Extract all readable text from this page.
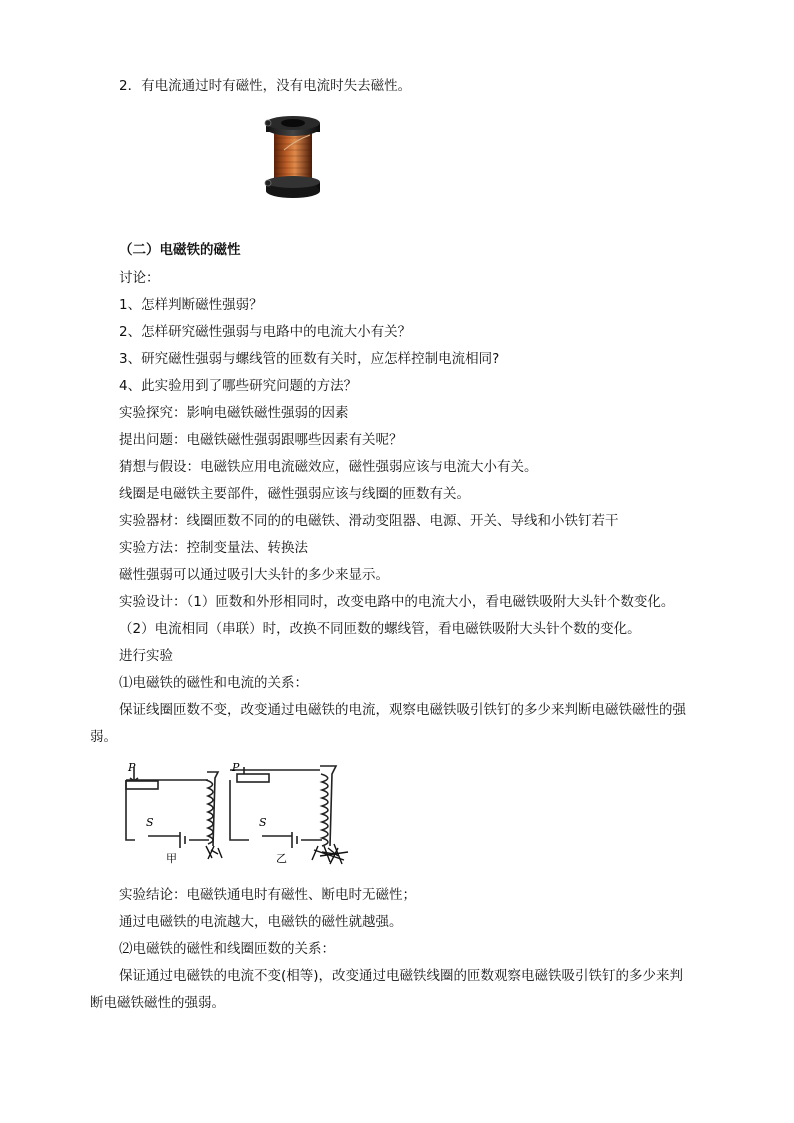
2．有电流通过时有磁性，没有电流时失去磁性。
（二）电磁铁的磁性
讨论：
1、怎样判断磁性强弱？
2、怎样研究磁性强弱与电路中的电流大小有关？
3、研究磁性强弱与螺线管的匝数有关时，应怎样控制电流相同?
4、此实验用到了哪些研究问题的方法？
实验探究：影响电磁铁磁性强弱的因素
提出问题：电磁铁磁性强弱跟哪些因素有关呢？
猜想与假设：电磁铁应用电流磁效应，磁性强弱应该与电流大小有关。
线圈是电磁铁主要部件，磁性强弱应该与线圈的匝数有关。
实验器材：线圈匝数不同的的电磁铁、滑动变阻器、电源、开关、导线和小铁钉若干
实验方法：控制变量法、转换法
磁性强弱可以通过吸引大头针的多少来显示。
实验设计：（1）匝数和外形相同时，改变电路中的电流大小，看电磁铁吸附大头针个数变化。
（2）电流相同（串联）时，改换不同匝数的螺线管，看电磁铁吸附大头针个数的变化。
进行实验
⑴电磁铁的磁性和电流的关系：
保证线圈匝数不变，改变通过电磁铁的电流，观察电磁铁吸引铁钉的多少来判断电磁铁磁性的强
弱。
P
S
甲
P
S
乙
实验结论：电磁铁通电时有磁性、断电时无磁性；
通过电磁铁的电流越大，电磁铁的磁性就越强。
⑵电磁铁的磁性和线圈匝数的关系：
保证通过电磁铁的电流不变(相等)，改变通过电磁铁线圈的匝数观察电磁铁吸引铁钉的多少来判
断电磁铁磁性的强弱。
